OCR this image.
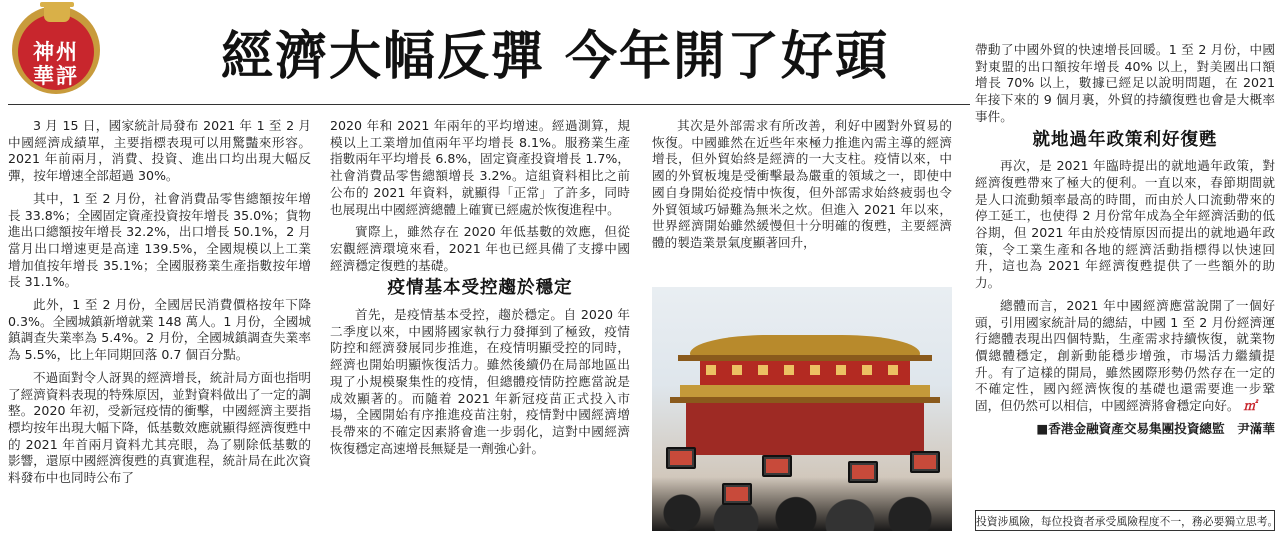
神州
華評	經濟大幅反彈 今年開了好頭

3 月 15 日，國家統計局發布 2021 年 1 至 2 月中國經濟成績單，主要指標表現可以用驚豔來形容。2021 年前兩月，消費、投資、進出口均出現大幅反彈，按年增速全部超過 30%。

其中，1 至 2 月份，社會消費品零售總額按年增長 33.8%；全國固定資產投資按年增長 35.0%；貨物進出口總額按年增長 32.2%，出口增長 50.1%，2 月當月出口增速更是高達 139.5%，全國規模以上工業增加值按年增長 35.1%；全國服務業生產指數按年增長 31.1%。

此外，1 至 2 月份，全國居民消費價格按年下降 0.3%。全國城鎮新增就業 148 萬人。1 月份，全國城鎮調查失業率為 5.4%。2 月份，全國城鎮調查失業率為 5.5%，比上年同期回落 0.7 個百分點。

不過面對令人訝異的經濟增長，統計局方面也指明了經濟資料表現的特殊原因，並對資料做出了一定的調整。2020 年初，受新冠疫情的衝擊，中國經濟主要指標均按年出現大幅下降，低基數效應就顯得經濟復甦中的 2021 年首兩月資料尤其亮眼，為了剔除低基數的影響，還原中國經濟復甦的真實進程，統計局在此次資料發布中也同時公布了

2020 年和 2021 年兩年的平均增速。經過測算，規模以上工業增加值兩年平均增長 8.1%。服務業生產指數兩年平均增長 6.8%，固定資產投資增長 1.7%，社會消費品零售總額增長 3.2%。這組資料相比之前公布的 2021 年資料，就顯得「正常」了許多，同時也展現出中國經濟總體上確實已經處於恢復進程中。

實際上，雖然存在 2020 年低基數的效應，但從宏觀經濟環境來看，2021 年也已經具備了支撐中國經濟穩定復甦的基礎。

疫情基本受控趨於穩定

首先，是疫情基本受控，趨於穩定。自 2020 年二季度以來，中國將國家執行力發揮到了極致，疫情防控和經濟發展同步推進，在疫情明顯受控的同時，經濟也開始明顯恢復活力。雖然後續仍在局部地區出現了小規模聚集性的疫情，但總體疫情防控應當說是成效顯著的。而隨着 2021 年新冠疫苗正式投入市場，全國開始有序推進疫苗注射，疫情對中國經濟增長帶來的不確定因素將會進一步弱化，這對中國經濟恢復穩定高速增長無疑是一劑強心針。

其次是外部需求有所改善，利好中國對外貿易的恢復。中國雖然在近些年來極力推進內需主導的經濟增長，但外貿始終是經濟的一大支柱。疫情以來，中國的外貿板塊是受衝擊最為嚴重的領域之一，即使中國自身開始從疫情中恢復，但外部需求始終疲弱也令外貿領域巧婦難為無米之炊。但進入 2021 年以來，世界經濟開始雖然緩慢但十分明確的復甦，主要經濟體的製造業景氣度顯著回升，

帶動了中國外貿的快速增長回暖。1 至 2 月份，中國對東盟的出口額按年增長 40% 以上，對美國出口額增長 70% 以上，數據已經足以說明問題，在 2021 年接下來的 9 個月裏，外貿的持續復甦也會是大概率事件。

就地過年政策利好復甦

再次，是 2021 年臨時提出的就地過年政策，對經濟復甦帶來了極大的便利。一直以來，春節期間就是人口流動頻率最高的時間，而由於人口流動帶來的停工延工，也使得 2 月份常年成為全年經濟活動的低谷期，但 2021 年由於疫情原因而提出的就地過年政策，令工業生產和各地的經濟活動指標得以快速回升，這也為 2021 年經濟復甦提供了一些額外的助力。

總體而言，2021 年中國經濟應當說開了一個好頭，引用國家統計局的總結，中國 1 至 2 月份經濟運行總體表現出四個特點，生產需求持續恢復，就業物價總體穩定，創新動能穩步增強，市場活力繼續提升。有了這樣的開局，雖然國際形勢仍然存在一定的不確定性，國內經濟恢復的基礎也還需要進一步鞏固，但仍然可以相信，中國經濟將會穩定向好。 ㎡

■香港金融資產交易集團投資總監　尹滿華
投資涉風險，每位投資者承受風險程度不一，務必要獨立思考。
